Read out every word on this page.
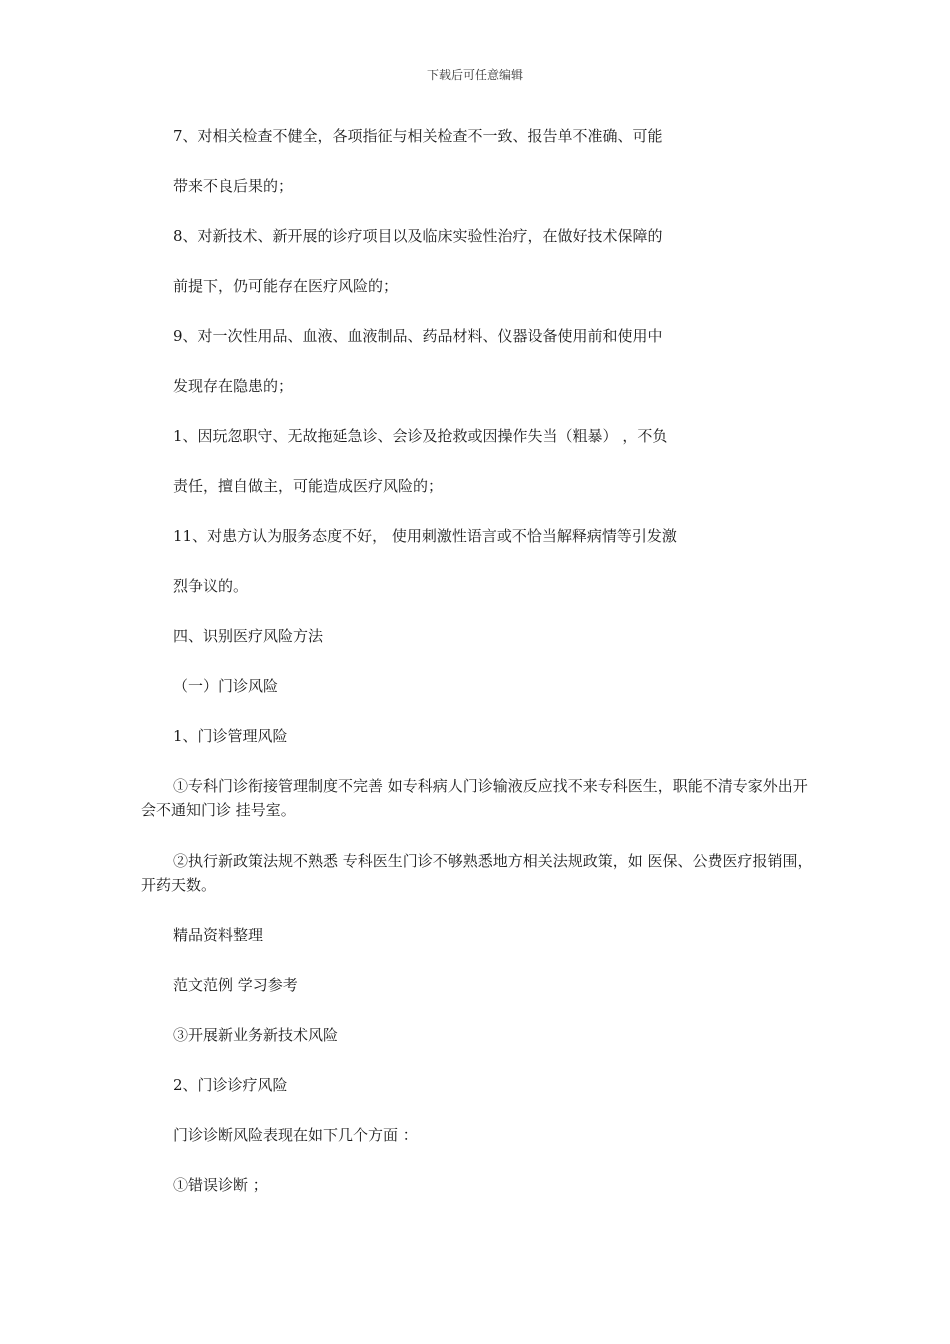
下载后可任意编辑
7、对相关检查不健全，各项指征与相关检查不一致、报告单不准确、可能
带来不良后果的；
8、对新技术、新开展的诊疗项目以及临床实验性治疗，在做好技术保障的
前提下，仍可能存在医疗风险的；
9、对一次性用品、血液、血液制品、药品材料、仪器设备使用前和使用中
发现存在隐患的；
1、因玩忽职守、无故拖延急诊、会诊及抢救或因操作失当（粗暴） ，不负
责任，擅自做主，可能造成医疗风险的；
11、对患方认为服务态度不好， 使用刺激性语言或不恰当解释病情等引发激
烈争议的。
四、识别医疗风险方法
（一）门诊风险
1、门诊管理风险

①专科门诊衔接管理制度不完善 如专科病人门诊输液反应找不来专科医生，职能不清专家外出开会不通知门诊 挂号室。

②执行新政策法规不熟悉 专科医生门诊不够熟悉地方相关法规政策，如 医保、公费医疗报销围，开药天数。

精品资料整理
范文范例 学习参考
③开展新业务新技术风险
2、门诊诊疗风险
门诊诊断风险表现在如下几个方面 ：
①错误诊断 ；
